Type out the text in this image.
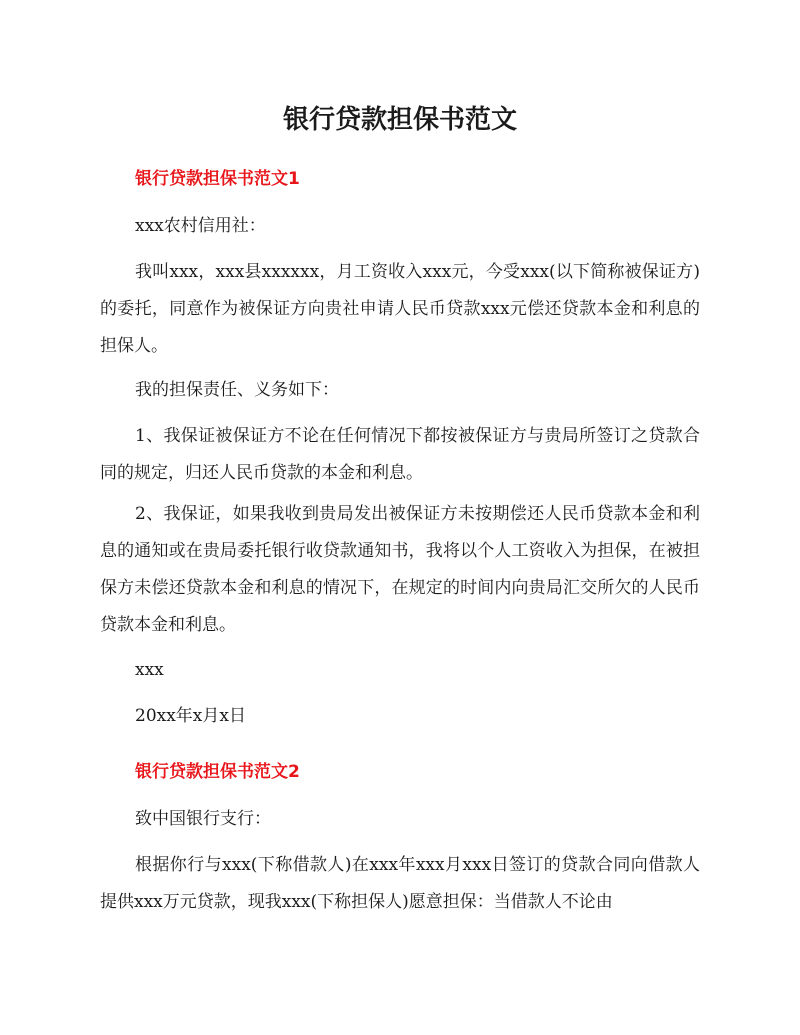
银行贷款担保书范文
银行贷款担保书范文1

xxx农村信用社：

我叫xxx，xxx县xxxxxx，月工资收入xxx元，今受xxx(以下简称被保证方)的委托，同意作为被保证方向贵社申请人民币贷款xxx元偿还贷款本金和利息的担保人。

我的担保责任、义务如下：

1、我保证被保证方不论在任何情况下都按被保证方与贵局所签订之贷款合同的规定，归还人民币贷款的本金和利息。

2、我保证，如果我收到贵局发出被保证方未按期偿还人民币贷款本金和利息的通知或在贵局委托银行收贷款通知书，我将以个人工资收入为担保，在被担保方未偿还贷款本金和利息的情况下，在规定的时间内向贵局汇交所欠的人民币贷款本金和利息。

xxx

20xx年x月x日

银行贷款担保书范文2

致中国银行支行：

根据你行与xxx(下称借款人)在xxx年xxx月xxx日签订的贷款合同向借款人提供xxx万元贷款，现我xxx(下称担保人)愿意担保：当借款人不论由
